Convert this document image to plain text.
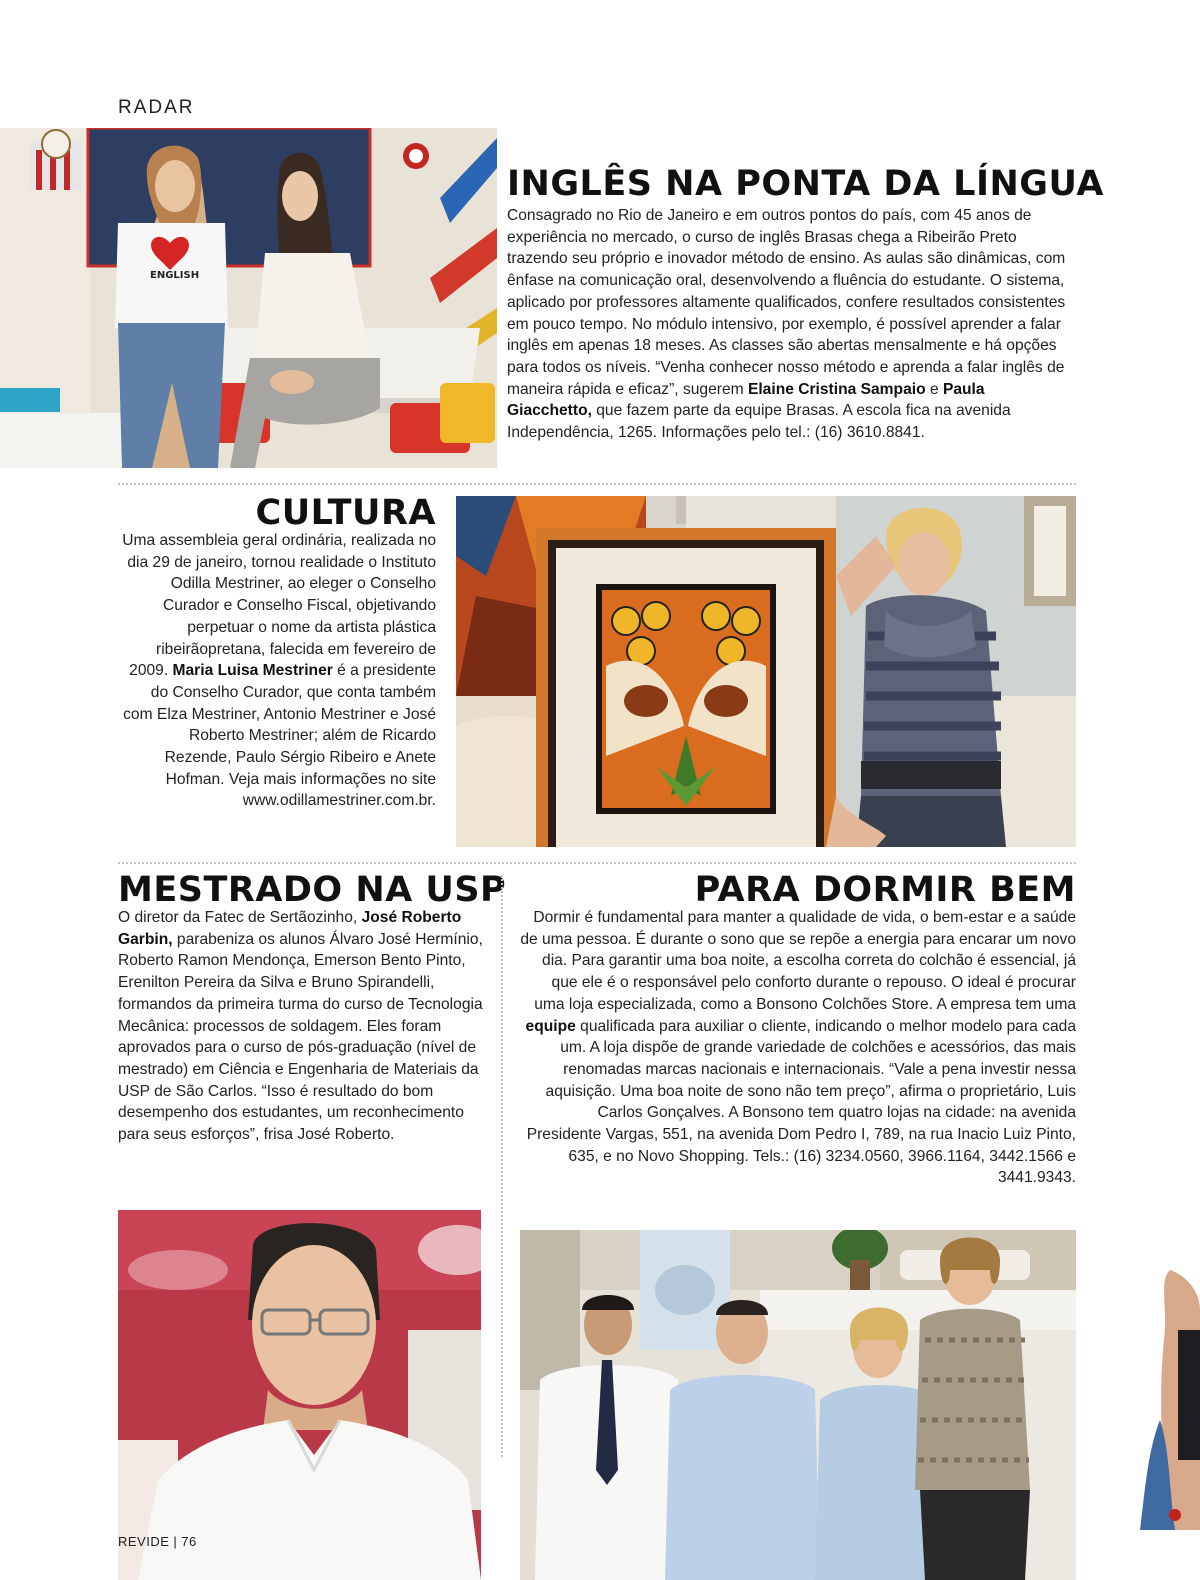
RADAR
ENGLISH
INGLÊS NA PONTA DA LÍNGUA

Consagrado no Rio de Janeiro e em outros pontos do país, com 45 anos de experiência no mercado, o curso de inglês Brasas chega a Ribeirão Preto trazendo seu próprio e inovador método de ensino. As aulas são dinâmicas, com ênfase na comunicação oral, desenvolvendo a fluência do estudante. O sistema, aplicado por professores altamente qualificados, confere resultados consistentes em pouco tempo. No módulo intensivo, por exemplo, é possível aprender a falar inglês em apenas 18 meses. As classes são abertas mensalmente e há opções para todos os níveis. “Venha conhecer nosso método e aprenda a falar inglês de maneira rápida e eficaz”, sugerem Elaine Cristina Sampaio e Paula Giacchetto, que fazem parte da equipe Brasas. A escola fica na avenida Independência, 1265. Informações pelo tel.: (16) 3610.8841.

CULTURA

Uma assembleia geral ordinária, realizada no dia 29 de janeiro, tornou realidade o Instituto Odilla Mestriner, ao eleger o Conselho Curador e Conselho Fiscal, objetivando perpetuar o nome da artista plástica ribeirãopretana, falecida em fevereiro de 2009. Maria Luisa Mestriner é a presidente do Conselho Curador, que conta também com Elza Mestriner, Antonio Mestriner e José Roberto Mestriner; além de Ricardo Rezende, Paulo Sérgio Ribeiro e Anete Hofman. Veja mais informações no site www.odillamestriner.com.br.

MESTRADO NA USP

O diretor da Fatec de Sertãozinho, José Roberto Garbin, parabeniza os alunos Álvaro José Hermínio, Roberto Ramon Mendonça, Emerson Bento Pinto, Erenilton Pereira da Silva e Bruno Spirandelli, formandos da primeira turma do curso de Tecnologia Mecânica: processos de soldagem. Eles foram aprovados para o curso de pós-graduação (nível de mestrado) em Ciência e Engenharia de Materiais da USP de São Carlos. “Isso é resultado do bom desempenho dos estudantes, um reconhecimento para seus esforços”, frisa José Roberto.

PARA DORMIR BEM

Dormir é fundamental para manter a qualidade de vida, o bem-estar e a saúde de uma pessoa. É durante o sono que se repõe a energia para encarar um novo dia. Para garantir uma boa noite, a escolha correta do colchão é essencial, já que ele é o responsável pelo conforto durante o repouso. O ideal é procurar uma loja especializada, como a Bonsono Colchões Store. A empresa tem uma equipe qualificada para auxiliar o cliente, indicando o melhor modelo para cada um. A loja dispõe de grande variedade de colchões e acessórios, das mais renomadas marcas nacionais e internacionais. “Vale a pena investir nessa aquisição. Uma boa noite de sono não tem preço”, afirma o proprietário, Luis Carlos Gonçalves. A Bonsono tem quatro lojas na cidade: na avenida Presidente Vargas, 551, na avenida Dom Pedro I, 789, na rua Inacio Luiz Pinto, 635, e no Novo Shopping. Tels.: (16) 3234.0560, 3966.1164, 3442.1566 e 3441.9343.

REVIDE | 76
